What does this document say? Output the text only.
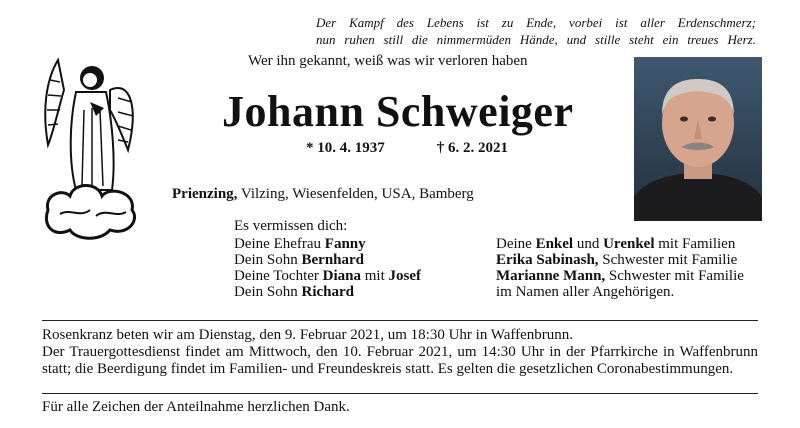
Der Kampf des Lebens ist zu Ende, vorbei ist aller Erdenschmerz;
nun ruhen still die nimmermüden Hände, und stille steht ein treues Herz.
Wer ihn gekannt, weiß was wir verloren haben
Johann Schweiger
* 10. 4. 1937	† 6. 2. 2021
Prienzing, Vilzing, Wiesenfelden, USA, Bamberg
Es vermissen dich:
Deine Ehefrau Fanny
Dein Sohn Bernhard
Deine Tochter Diana mit Josef
Dein Sohn Richard
Deine Enkel und Urenkel mit Familien
Erika Sabinash, Schwester mit Familie
Marianne Mann, Schwester mit Familie
im Namen aller Angehörigen.

Rosenkranz beten wir am Dienstag, den 9. Februar 2021, um 18:30 Uhr in Waffenbrunn.

Der Trauergottesdienst findet am Mittwoch, den 10. Februar 2021, um 14:30 Uhr in der Pfarrkirche in Waffenbrunn statt; die Beerdigung findet im Familien- und Freundeskreis statt. Es gelten die gesetzlichen Coronabestimmungen.

Für alle Zeichen der Anteilnahme herzlichen Dank.
